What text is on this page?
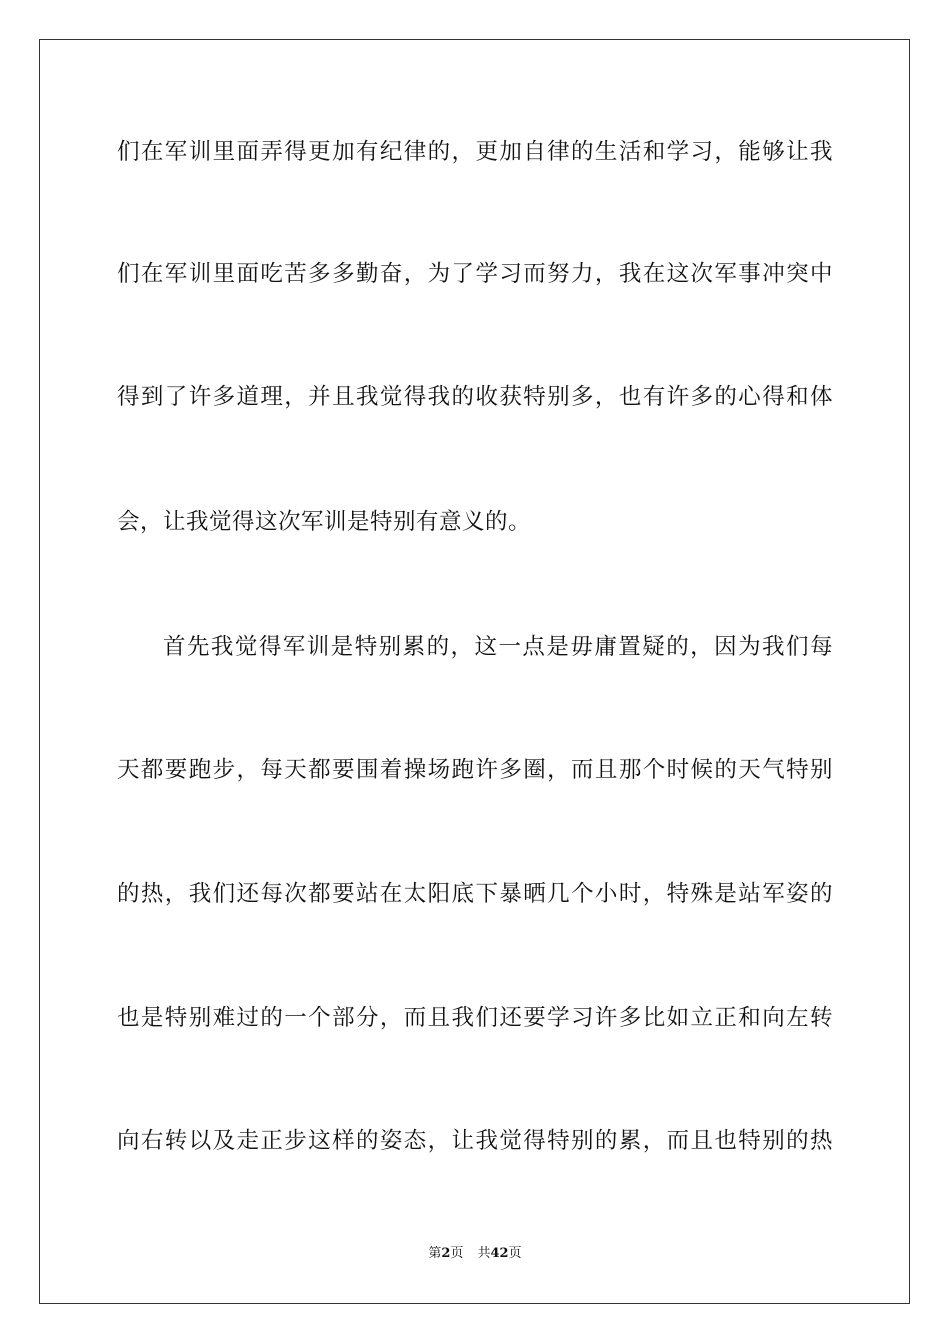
们在军训里面弄得更加有纪律的，更加自律的生活和学习，能够让我
们在军训里面吃苦多多勤奋，为了学习而努力，我在这次军事冲突中
得到了许多道理，并且我觉得我的收获特别多，也有许多的心得和体
会，让我觉得这次军训是特别有意义的。
首先我觉得军训是特别累的，这一点是毋庸置疑的，因为我们每
天都要跑步，每天都要围着操场跑许多圈，而且那个时候的天气特别
的热，我们还每次都要站在太阳底下暴晒几个小时，特殊是站军姿的
也是特别难过的一个部分，而且我们还要学习许多比如立正和向左转
向右转以及走正步这样的姿态，让我觉得特别的累，而且也特别的热
第2页 共42页
